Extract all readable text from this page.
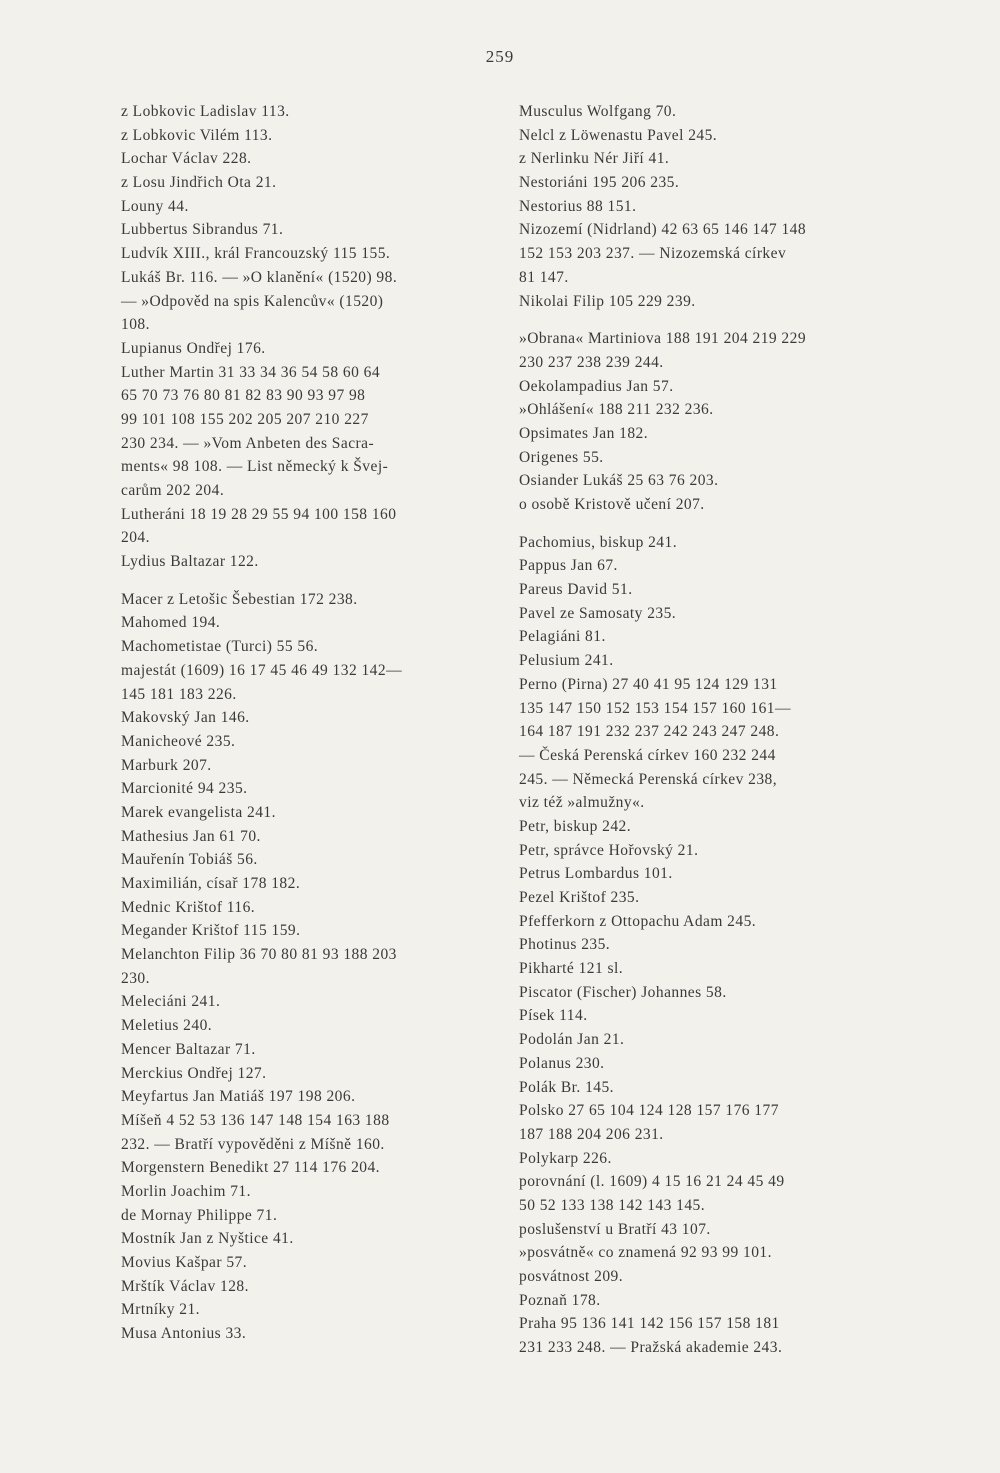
259
z Lobkovic Ladislav 113.
z Lobkovic Vilém 113.
Lochar Václav 228.
z Losu Jindřich Ota 21.
Louny 44.
Lubbertus Sibrandus 71.
Ludvík XIII., král Francouzský 115 155.
Lukáš Br. 116. — »O klanění« (1520) 98.
— »Odpověd na spis Kalencův« (1520)
108.
Lupianus Ondřej 176.
Luther Martin 31 33 34 36 54 58 60 64
65 70 73 76 80 81 82 83 90 93 97 98
99 101 108 155 202 205 207 210 227
230 234. — »Vom Anbeten des Sacra-
ments« 98 108. — List německý k Švej-
carům 202 204.
Lutheráni 18 19 28 29 55 94 100 158 160
204.
Lydius Baltazar 122.
Macer z Letošic Šebestian 172 238.
Mahomed 194.
Machometistae (Turci) 55 56.
majestát (1609) 16 17 45 46 49 132 142—
145 181 183 226.
Makovský Jan 146.
Manicheové 235.
Marburk 207.
Marcionité 94 235.
Marek evangelista 241.
Mathesius Jan 61 70.
Mauřenín Tobiáš 56.
Maximilián, císař 178 182.
Mednic Krištof 116.
Megander Krištof 115 159.
Melanchton Filip 36 70 80 81 93 188 203
230.
Meleciáni 241.
Meletius 240.
Mencer Baltazar 71.
Merckius Ondřej 127.
Meyfartus Jan Matiáš 197 198 206.
Míšeň 4 52 53 136 147 148 154 163 188
232. — Bratří vypověděni z Míšně 160.
Morgenstern Benedikt 27 114 176 204.
Morlin Joachim 71.
de Mornay Philippe 71.
Mostník Jan z Nyštice 41.
Movius Kašpar 57.
Mrštík Václav 128.
Mrtníky 21.
Musa Antonius 33.
Musculus Wolfgang 70.
Nelcl z Löwenastu Pavel 245.
z Nerlinku Nér Jiří 41.
Nestoriáni 195 206 235.
Nestorius 88 151.
Nizozemí (Nidrland) 42 63 65 146 147 148
152 153 203 237. — Nizozemská církev
81 147.
Nikolai Filip 105 229 239.
»Obrana« Martiniova 188 191 204 219 229
230 237 238 239 244.
Oekolampadius Jan 57.
»Ohlášení« 188 211 232 236.
Opsimates Jan 182.
Origenes 55.
Osiander Lukáš 25 63 76 203.
o osobě Kristově učení 207.
Pachomius, biskup 241.
Pappus Jan 67.
Pareus David 51.
Pavel ze Samosaty 235.
Pelagiáni 81.
Pelusium 241.
Perno (Pirna) 27 40 41 95 124 129 131
135 147 150 152 153 154 157 160 161—
164 187 191 232 237 242 243 247 248.
— Česká Perenská církev 160 232 244
245. — Německá Perenská církev 238,
viz též »almužny«.
Petr, biskup 242.
Petr, správce Hořovský 21.
Petrus Lombardus 101.
Pezel Krištof 235.
Pfefferkorn z Ottopachu Adam 245.
Photinus 235.
Pikharté 121 sl.
Piscator (Fischer) Johannes 58.
Písek 114.
Podolán Jan 21.
Polanus 230.
Polák Br. 145.
Polsko 27 65 104 124 128 157 176 177
187 188 204 206 231.
Polykarp 226.
porovnání (l. 1609) 4 15 16 21 24 45 49
50 52 133 138 142 143 145.
poslušenství u Bratří 43 107.
»posvátně« co znamená 92 93 99 101.
posvátnost 209.
Poznaň 178.
Praha 95 136 141 142 156 157 158 181
231 233 248. — Pražská akademie 243.
